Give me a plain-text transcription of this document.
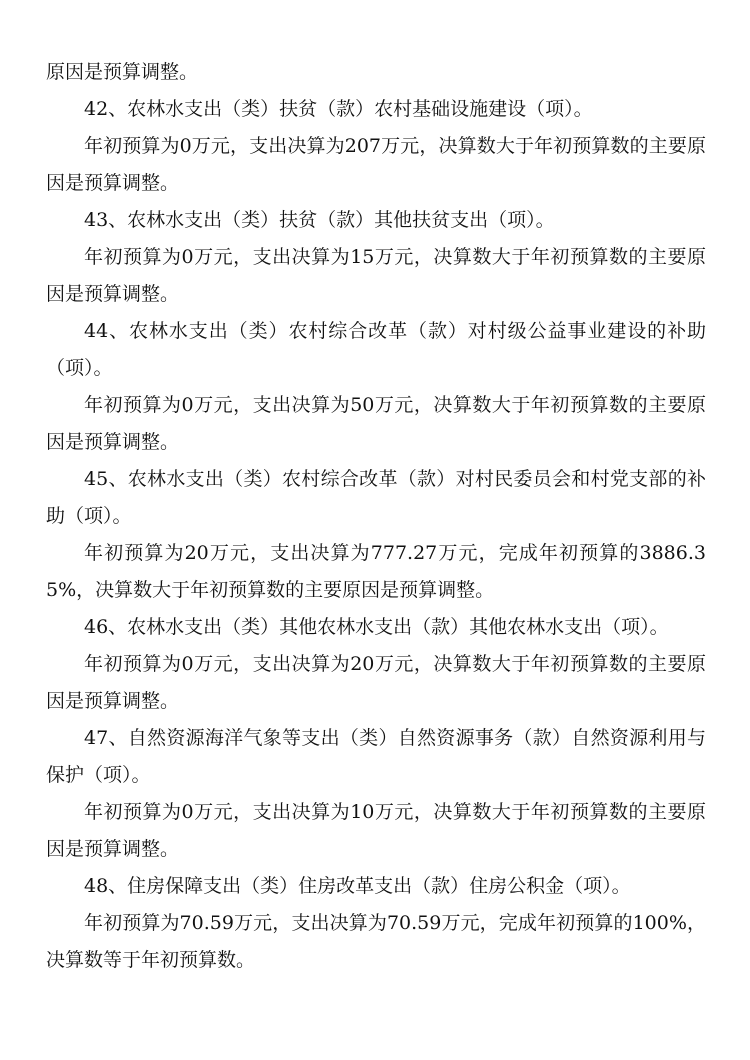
原因是预算调整。

42、农林水支出（类）扶贫（款）农村基础设施建设（项）。

年初预算为0万元，支出决算为207万元，决算数大于年初预算数的主要原因是预算调整。

43、农林水支出（类）扶贫（款）其他扶贫支出（项）。

年初预算为0万元，支出决算为15万元，决算数大于年初预算数的主要原因是预算调整。

44、农林水支出（类）农村综合改革（款）对村级公益事业建设的补助（项）。

年初预算为0万元，支出决算为50万元，决算数大于年初预算数的主要原因是预算调整。

45、农林水支出（类）农村综合改革（款）对村民委员会和村党支部的补助（项）。

年初预算为20万元，支出决算为777.27万元，完成年初预算的3886.35%，决算数大于年初预算数的主要原因是预算调整。

46、农林水支出（类）其他农林水支出（款）其他农林水支出（项）。

年初预算为0万元，支出决算为20万元，决算数大于年初预算数的主要原因是预算调整。

47、自然资源海洋气象等支出（类）自然资源事务（款）自然资源利用与保护（项）。

年初预算为0万元，支出决算为10万元，决算数大于年初预算数的主要原因是预算调整。

48、住房保障支出（类）住房改革支出（款）住房公积金（项）。

年初预算为70.59万元，支出决算为70.59万元，完成年初预算的100%，决算数等于年初预算数。
